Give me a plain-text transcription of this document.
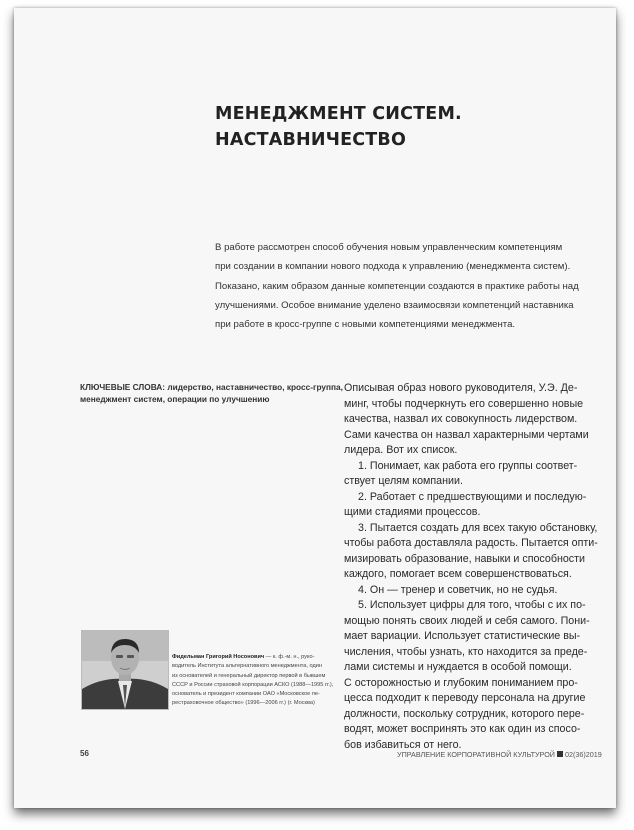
МЕНЕДЖМЕНТ СИСТЕМ.
НАСТАВНИЧЕСТВО
В работе рассмотрен способ обучения новым управленческим компетенциям
при создании в компании нового подхода к управлению (менеджмента систем).
Показано, каким образом данные компетенции создаются в практике работы над
улучшениями. Особое внимание уделено взаимосвязи компетенций наставника
при работе в кросс-группе с новыми компетенциями менеджмента.
КЛЮЧЕВЫЕ СЛОВА: лидерство, наставничество, кросс-группа,
менеджмент систем, операции по улучшению
Описывая образ нового руководителя, У.Э. Де-
минг, чтобы подчеркнуть его совершенно новые
качества, назвал их совокупность лидерством.
Сами качества он назвал характерными чертами
лидера. Вот их список.
1. Понимает, как работа его группы соответ-
ствует целям компании.
2. Работает с предшествующими и последую-
щими стадиями процессов.
3. Пытается создать для всех такую обстановку,
чтобы работа доставляла радость. Пытается опти-
мизировать образование, навыки и способности
каждого, помогает всем совершенствоваться.
4. Он — тренер и советчик, но не судья.
5. Использует цифры для того, чтобы с их по-
мощью понять своих людей и себя самого. Пони-
мает вариации. Использует статистические вы-
числения, чтобы узнать, кто находится за преде-
лами системы и нуждается в особой помощи.
С осторожностью и глубоким пониманием про-
цесса подходит к переводу персонала на другие
должности, поскольку сотрудник, которого пере-
водят, может воспринять это как один из спосо-
бов избавиться от него.
Фидельман Григорий Носонович — к. ф.-м. н., руко-
водитель Института альтернативного менеджмента, один
из основателей и генеральный директор первой в бывшем
СССР и России страховой корпорации АСКО (1988—1995 гг.),
основатель и президент компании ОАО «Московское пе-
рестраховочное общество» (1996—2006 гг.) (г. Москва)
56	УПРАВЛЕНИЕ КОРПОРАТИВНОЙ КУЛЬТУРОЙ 02(36)2019
